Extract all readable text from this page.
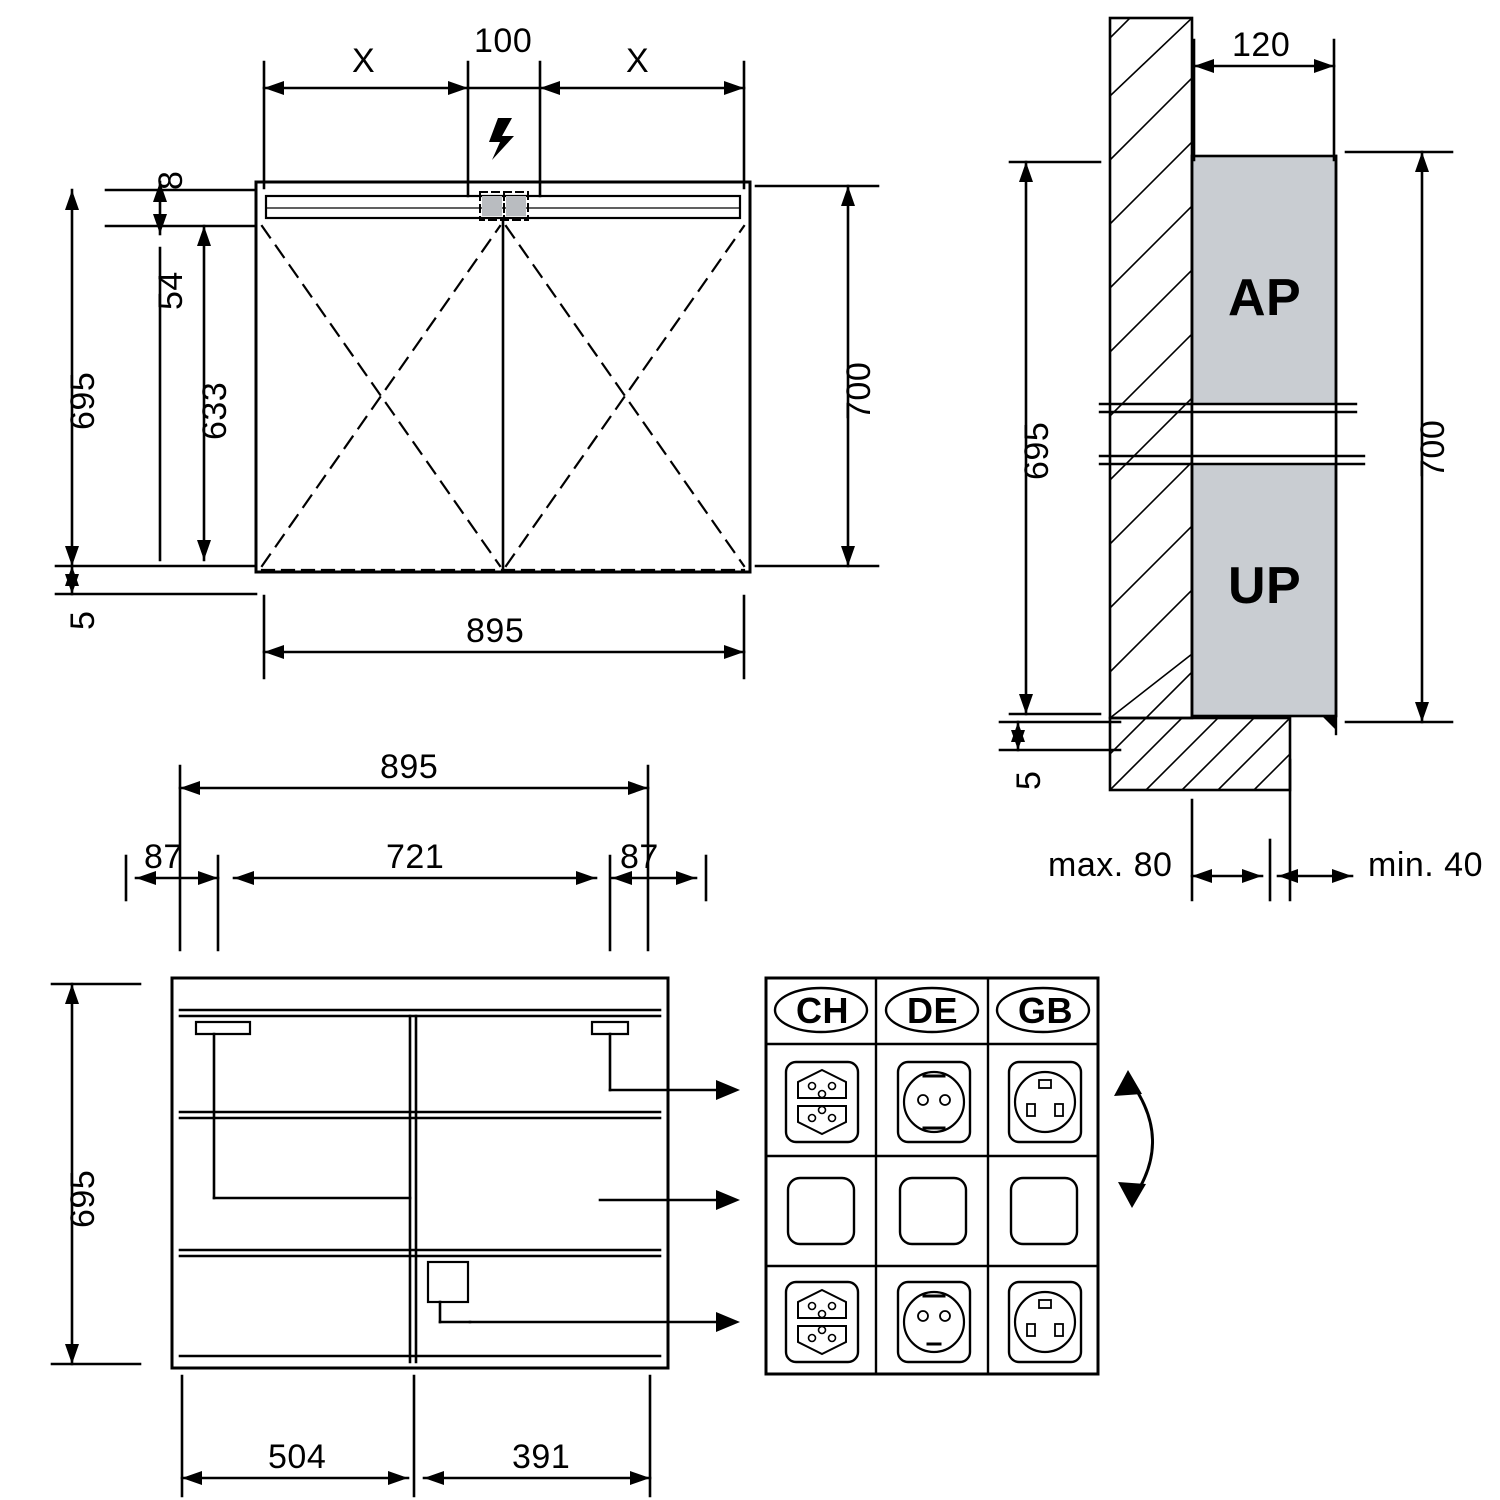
X
100
X
8
54
633
695
5
700
895
895
87	721	87
695
504	391
120
695	700
5
max. 80	min. 40
AP
UP
CH DE GB
